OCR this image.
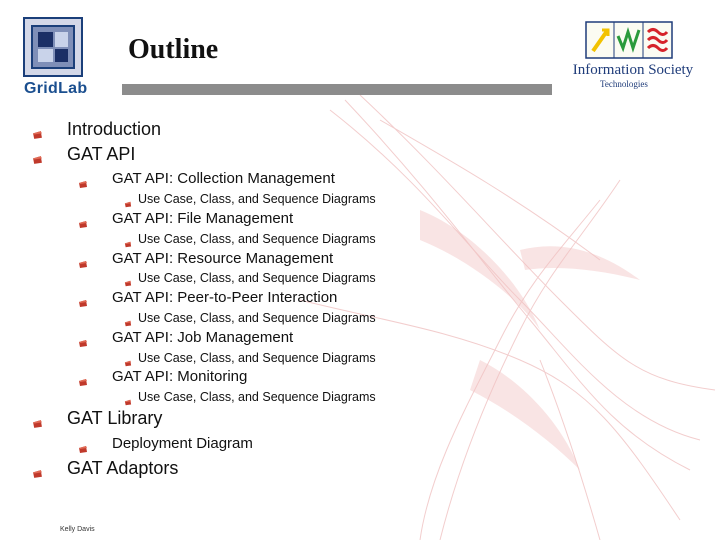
GridLab
Outline
Information Society
Technologies
Introduction
GAT API
GAT API: Collection Management
Use Case, Class, and Sequence Diagrams
GAT API: File Management
Use Case, Class, and Sequence Diagrams
GAT API: Resource Management
Use Case, Class, and Sequence Diagrams
GAT API: Peer-to-Peer Interaction
Use Case, Class, and Sequence Diagrams
GAT API: Job Management
Use Case, Class, and Sequence Diagrams
GAT API: Monitoring
Use Case, Class, and Sequence Diagrams
GAT Library
Deployment Diagram
GAT Adaptors
Kelly Davis
